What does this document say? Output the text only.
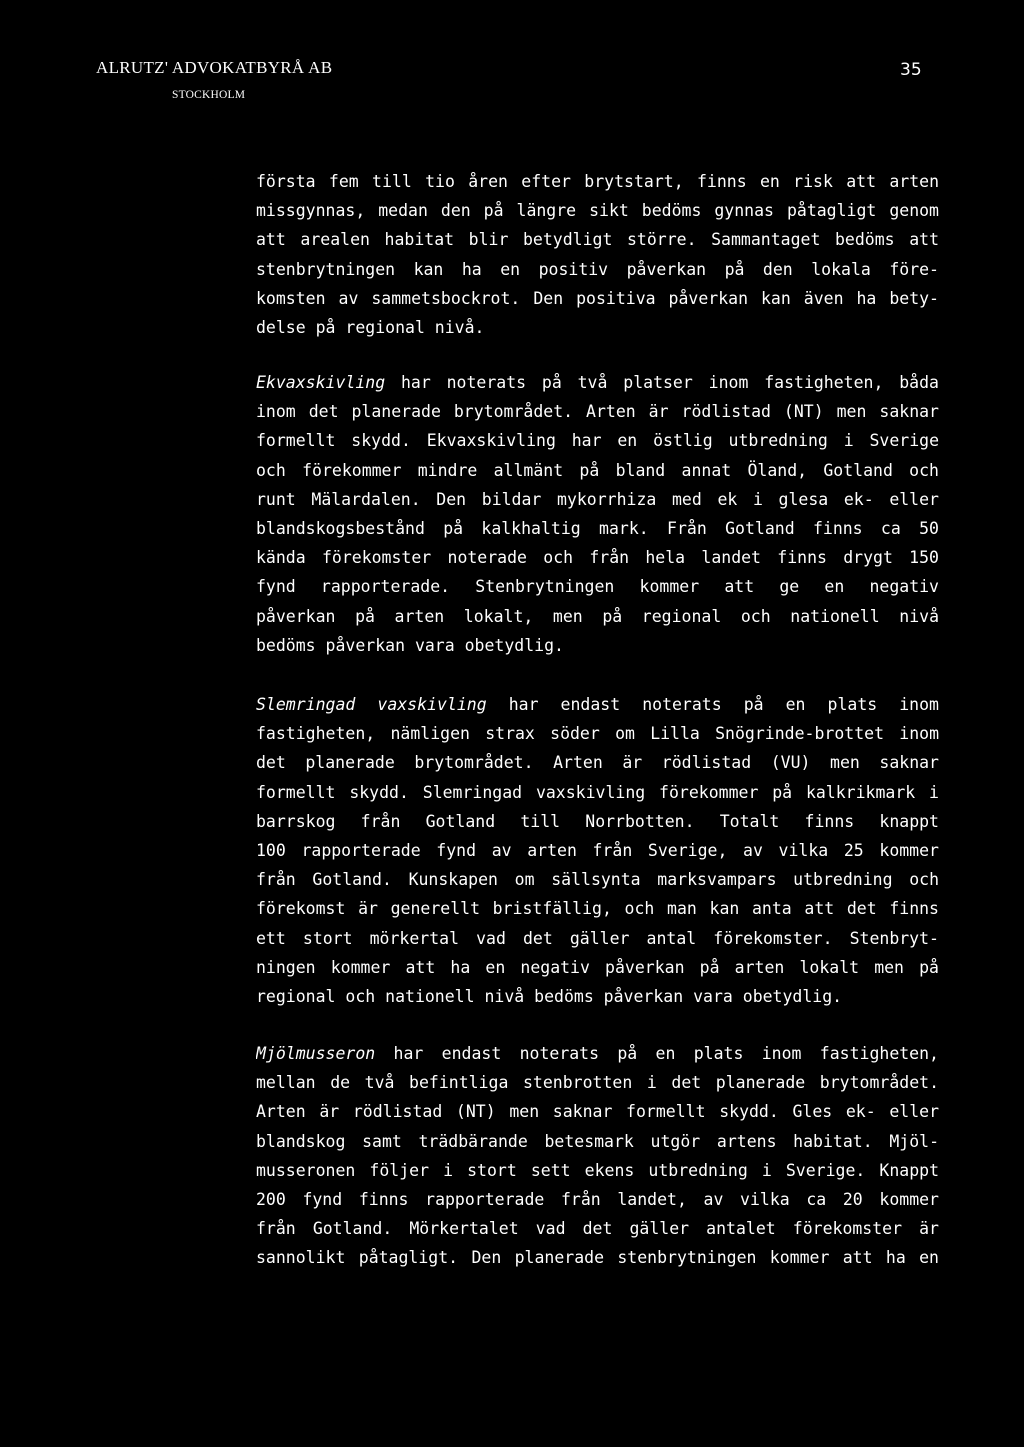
ALRUTZ' ADVOKATBYRÅ AB
STOCKHOLM
35
första fem till tio åren efter brytstart, finns en risk att arten
missgynnas, medan den på längre sikt bedöms gynnas påtagligt genom
att arealen habitat blir betydligt större. Sammantaget bedöms att
stenbrytningen kan ha en positiv påverkan på den lokala före-
komsten av sammetsbockrot. Den positiva påverkan kan även ha bety-
delse på regional nivå.
Ekvaxskivling har noterats på två platser inom fastigheten, båda
inom det planerade brytområdet. Arten är rödlistad (NT) men saknar
formellt skydd. Ekvaxskivling har en östlig utbredning i Sverige
och förekommer mindre allmänt på bland annat Öland, Gotland och
runt Mälardalen. Den bildar mykorrhiza med ek i glesa ek- eller
blandskogsbestånd på kalkhaltig mark. Från Gotland finns ca 50
kända förekomster noterade och från hela landet finns drygt 150
fynd rapporterade. Stenbrytningen kommer att ge en negativ
påverkan på arten lokalt, men på regional och nationell nivå
bedöms påverkan vara obetydlig.
Slemringad vaxskivling har endast noterats på en plats inom
fastigheten, nämligen strax söder om Lilla Snögrinde-brottet inom
det planerade brytområdet. Arten är rödlistad (VU) men saknar
formellt skydd. Slemringad vaxskivling förekommer på kalkrikmark i
barrskog från Gotland till Norrbotten. Totalt finns knappt
100 rapporterade fynd av arten från Sverige, av vilka 25 kommer
från Gotland. Kunskapen om sällsynta marksvampars utbredning och
förekomst är generellt bristfällig, och man kan anta att det finns
ett stort mörkertal vad det gäller antal förekomster. Stenbryt-
ningen kommer att ha en negativ påverkan på arten lokalt men på
regional och nationell nivå bedöms påverkan vara obetydlig.
Mjölmusseron har endast noterats på en plats inom fastigheten,
mellan de två befintliga stenbrotten i det planerade brytområdet.
Arten är rödlistad (NT) men saknar formellt skydd. Gles ek- eller
blandskog samt trädbärande betesmark utgör artens habitat. Mjöl-
musseronen följer i stort sett ekens utbredning i Sverige. Knappt
200 fynd finns rapporterade från landet, av vilka ca 20 kommer
från Gotland. Mörkertalet vad det gäller antalet förekomster är
sannolikt påtagligt. Den planerade stenbrytningen kommer att ha en
